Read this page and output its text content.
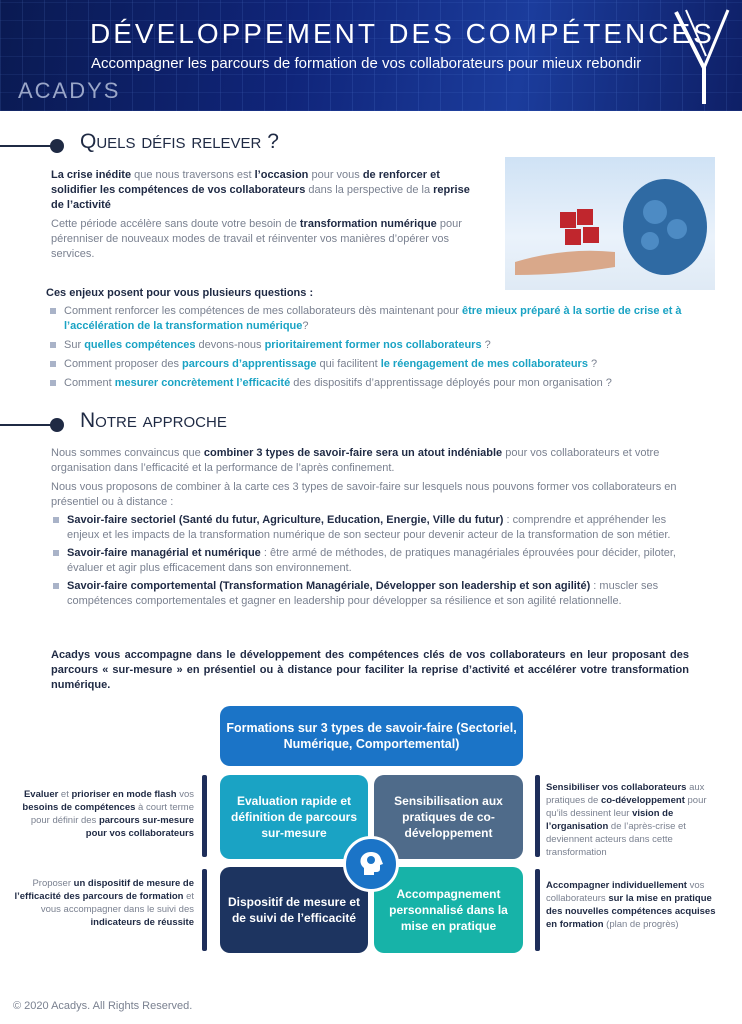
DÉVELOPPEMENT DES COMPÉTENCES
Accompagner les parcours de formation de vos collaborateurs pour mieux rebondir
ACADYS
Quels défis relever ?
La crise inédite que nous traversons est l’occasion pour vous de renforcer et solidifier les compétences de vos collaborateurs dans la perspective de la reprise de l’activité
Cette période accélère sans doute votre besoin de transformation numérique pour pérenniser de nouveaux modes de travail et réinventer vos manières d’opérer vos services.
Ces enjeux posent pour vous plusieurs questions :
Comment renforcer les compétences de mes collaborateurs dès maintenant pour être mieux préparé à la sortie de crise et à l’accélération de la transformation numérique?
Sur quelles compétences devons-nous prioritairement former nos collaborateurs ?
Comment proposer des parcours d’apprentissage qui facilitent le réengagement de mes collaborateurs ?
Comment mesurer concrètement l’efficacité des dispositifs d’apprentissage déployés pour mon organisation ?
Notre approche
Nous sommes convaincus que combiner 3 types de savoir-faire sera un atout indéniable pour vos collaborateurs et votre organisation dans l’efficacité et la performance de l’après confinement.
Nous vous proposons de combiner à la carte ces 3 types de savoir-faire sur lesquels nous pouvons former vos collaborateurs en présentiel ou à distance :
Savoir-faire sectoriel (Santé du futur, Agriculture, Education, Energie, Ville du futur) : comprendre et appréhender les enjeux et les impacts de la transformation numérique de son secteur pour devenir acteur de la transformation de son métier.
Savoir-faire managérial et numérique : être armé de méthodes, de pratiques managériales éprouvées pour décider, piloter, évaluer et agir plus efficacement dans son environnement.
Savoir-faire comportemental (Transformation Managériale, Développer son leadership et son agilité) : muscler ses compétences comportementales et gagner en leadership pour développer sa résilience et son agilité relationnelle.
Acadys vous accompagne dans le développement des compétences clés de vos collaborateurs en leur proposant des parcours « sur-mesure » en présentiel ou à distance pour faciliter la reprise d’activité et accélérer votre transformation numérique.
Formations sur 3 types de savoir-faire (Sectoriel, Numérique, Comportemental)
Evaluation rapide et définition de parcours sur-mesure
Sensibilisation aux pratiques de co-développement
Dispositif de mesure et de suivi de l’efficacité
Accompagnement personnalisé dans la mise en pratique
Evaluer et prioriser en mode flash vos besoins de compétences à court terme pour définir des parcours sur-mesure pour vos collaborateurs
Proposer un dispositif de mesure de l’efficacité des parcours de formation et vous accompagner dans le suivi des indicateurs de réussite
Sensibiliser vos collaborateurs aux pratiques de co-développement pour qu’ils dessinent leur vision de l’organisation de l’après-crise et deviennent acteurs dans cette transformation
Accompagner individuellement vos collaborateurs sur la mise en pratique des nouvelles compétences acquises en formation (plan de progrès)
© 2020 Acadys. All Rights Reserved.
